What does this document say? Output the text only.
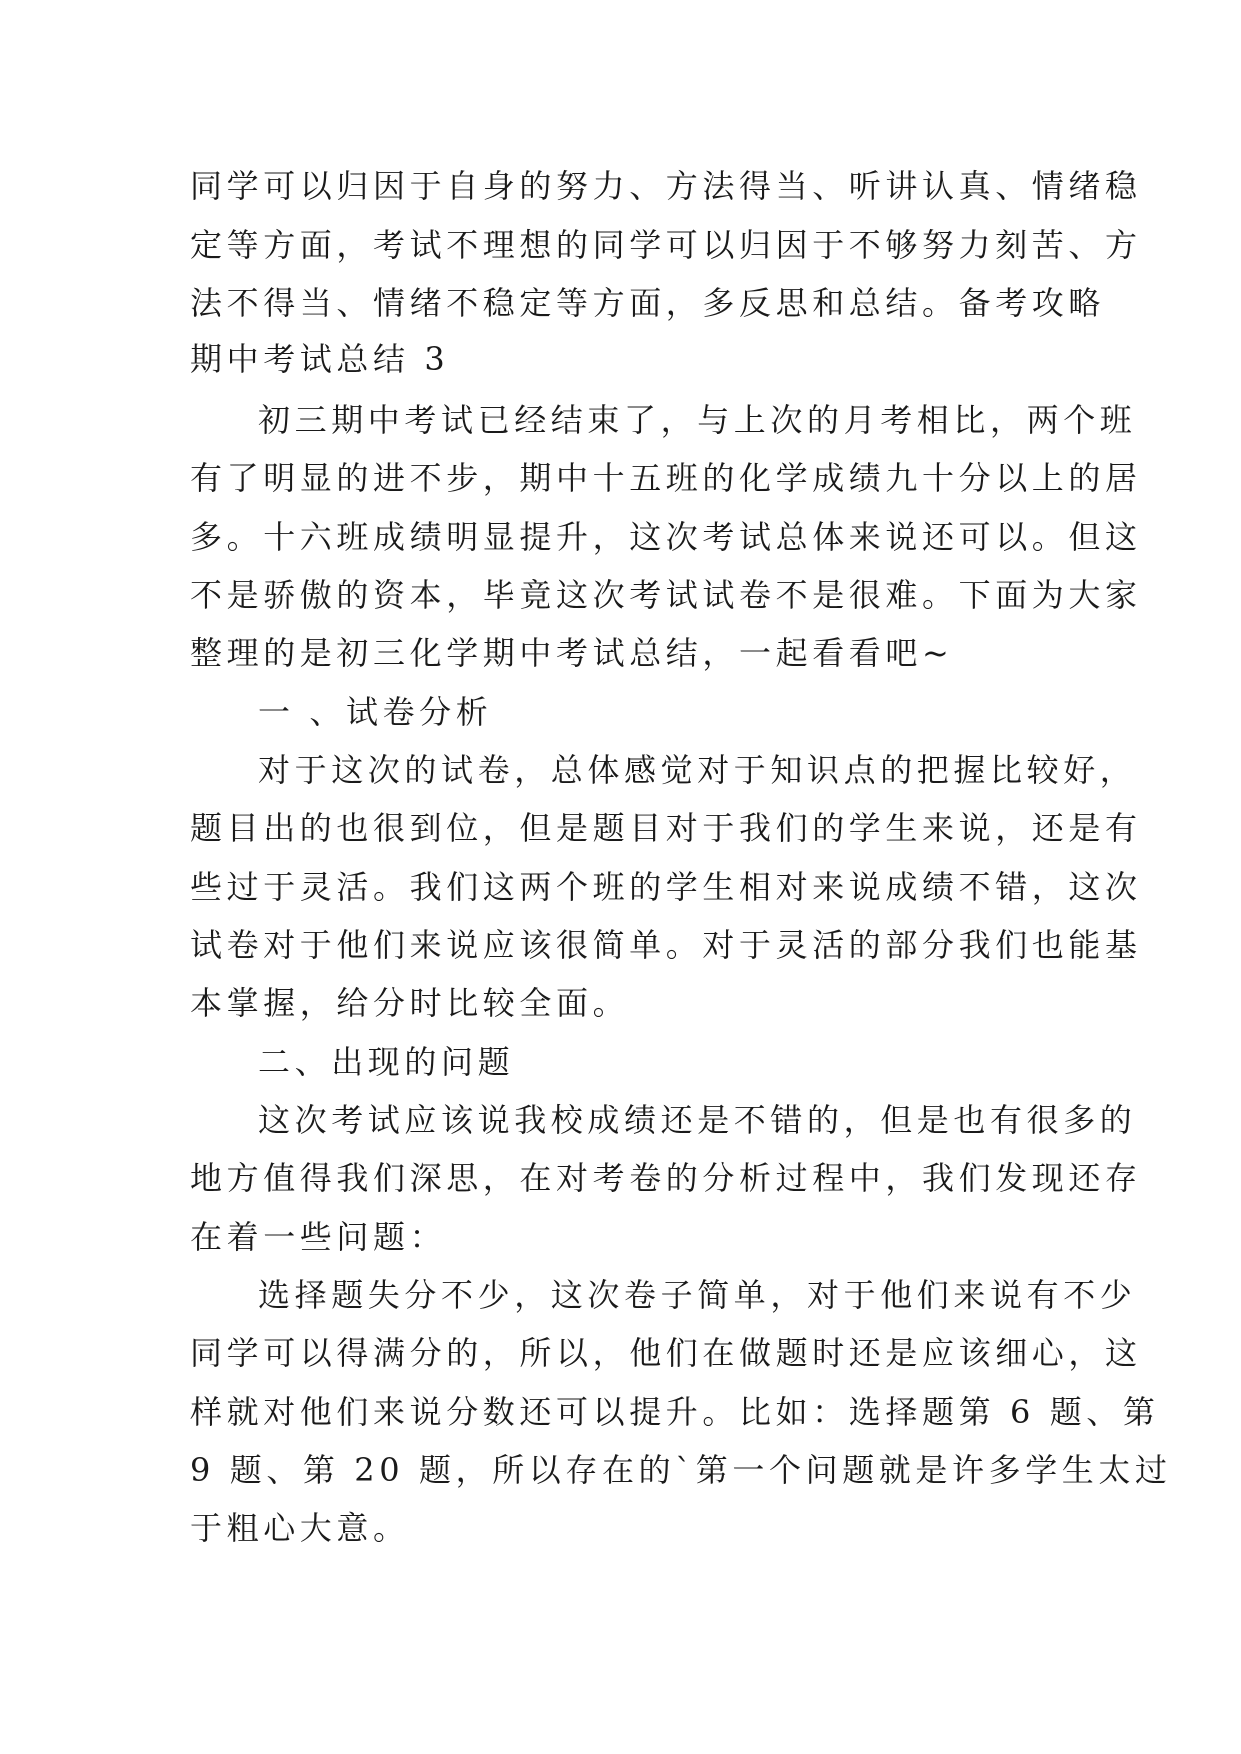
同学可以归因于自身的努力、方法得当、听讲认真、情绪稳
定等方面，考试不理想的同学可以归因于不够努力刻苦、方
法不得当、情绪不稳定等方面，多反思和总结。备考攻略
期中考试总结 3
初三期中考试已经结束了，与上次的月考相比，两个班
有了明显的进不步，期中十五班的化学成绩九十分以上的居
多。十六班成绩明显提升，这次考试总体来说还可以。但这
不是骄傲的资本，毕竟这次考试试卷不是很难。下面为大家
整理的是初三化学期中考试总结，一起看看吧~
一 、试卷分析
对于这次的试卷，总体感觉对于知识点的把握比较好，
题目出的也很到位，但是题目对于我们的学生来说，还是有
些过于灵活。我们这两个班的学生相对来说成绩不错，这次
试卷对于他们来说应该很简单。对于灵活的部分我们也能基
本掌握，给分时比较全面。
二、出现的问题
这次考试应该说我校成绩还是不错的，但是也有很多的
地方值得我们深思，在对考卷的分析过程中，我们发现还存
在着一些问题：
选择题失分不少，这次卷子简单，对于他们来说有不少
同学可以得满分的，所以，他们在做题时还是应该细心，这
样就对他们来说分数还可以提升。比如：选择题第 6 题、第
9 题、第 20 题，所以存在的`第一个问题就是许多学生太过
于粗心大意。
